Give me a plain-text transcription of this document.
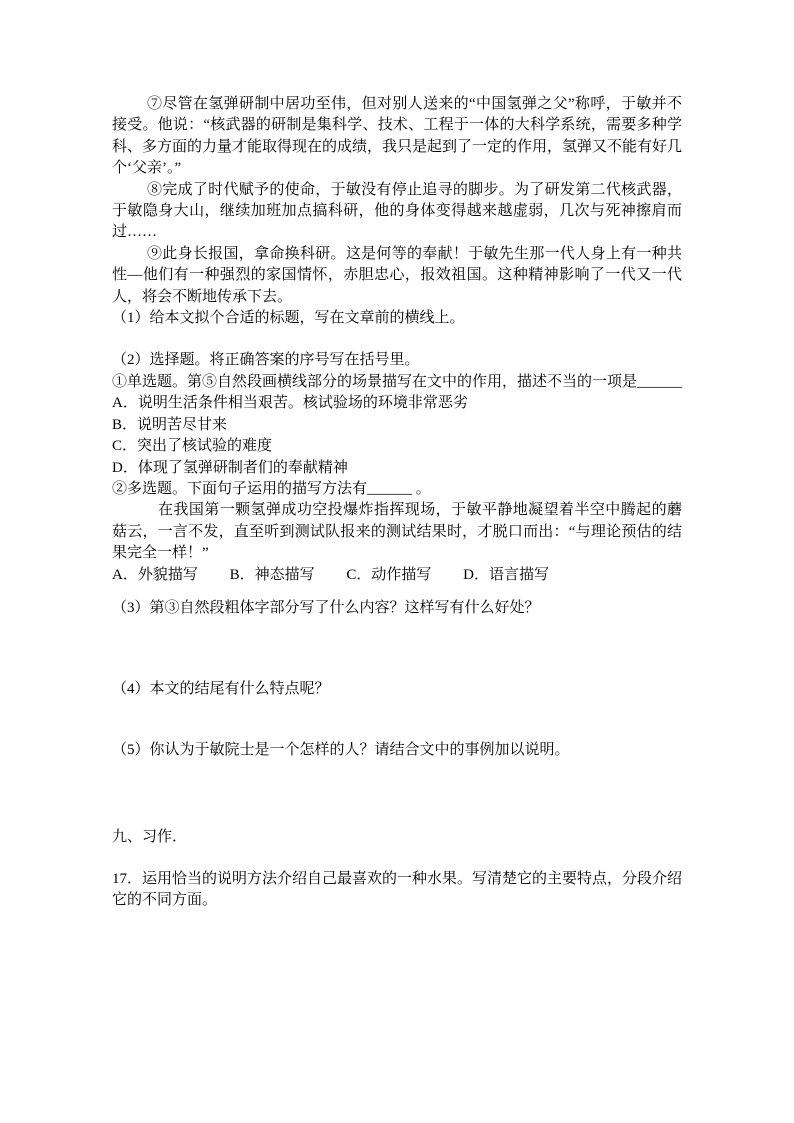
⑦尽管在氢弹研制中居功至伟，但对别人送来的“中国氢弹之父”称呼，于敏并不接受。他说：“核武器的研制是集科学、技术、工程于一体的大科学系统，需要多种学科、多方面的力量才能取得现在的成绩，我只是起到了一定的作用，氢弹又不能有好几个‘父亲’。”

⑧完成了时代赋予的使命，于敏没有停止追寻的脚步。为了研发第二代核武器，于敏隐身大山，继续加班加点搞科研，他的身体变得越来越虚弱，几次与死神擦肩而过……

⑨此身长报国，拿命换科研。这是何等的奉献！于敏先生那一代人身上有一种共性—他们有一种强烈的家国情怀，赤胆忠心，报效祖国。这种精神影响了一代又一代人，将会不断地传承下去。

（1）给本文拟个合适的标题，写在文章前的横线上。

（2）选择题。将正确答案的序号写在括号里。

①单选题。第⑤自然段画横线部分的场景描写在文中的作用，描述不当的一项是______

A．说明生活条件相当艰苦。核试验场的环境非常恶劣

B．说明苦尽甘来

C．突出了核试验的难度

D．体现了氢弹研制者们的奉献精神

②多选题。下面句子运用的描写方法有______ 。

在我国第一颗氢弹成功空投爆炸指挥现场，于敏平静地凝望着半空中腾起的蘑菇云，一言不发，直至听到测试队报来的测试结果时，才脱口而出：“与理论预估的结果完全一样！”

A．外貌描写 B．神态描写 C．动作描写 D．语言描写

（3）第③自然段粗体字部分写了什么内容？这样写有什么好处？

（4）本文的结尾有什么特点呢？

（5）你认为于敏院士是一个怎样的人？请结合文中的事例加以说明。

九、习作．

17．运用恰当的说明方法介绍自己最喜欢的一种水果。写清楚它的主要特点，分段介绍它的不同方面。
